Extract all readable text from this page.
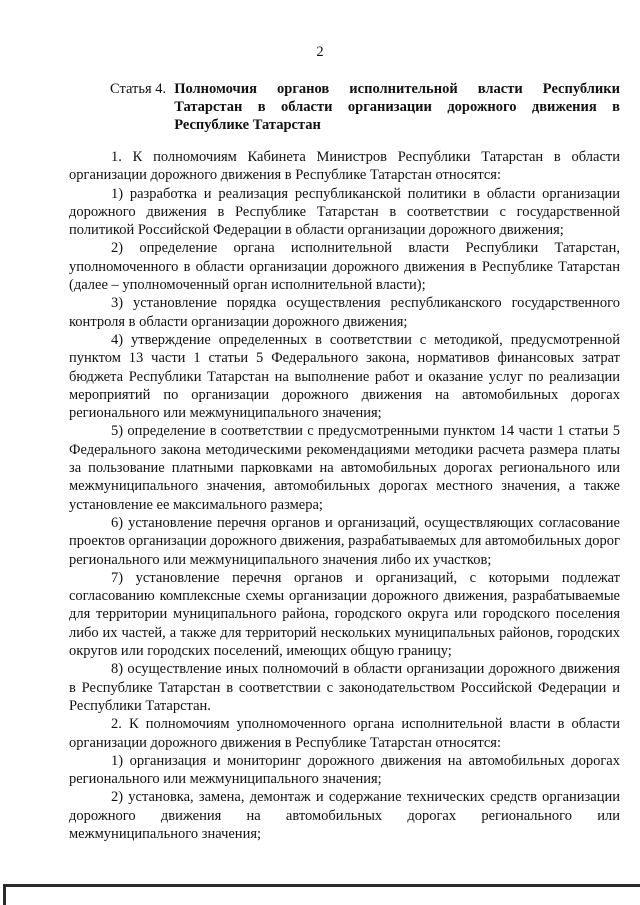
2
Статья 4. Полномочия органов исполнительной власти Республики Татарстан в области организации дорожного движения в Республике Татарстан

1. К полномочиям Кабинета Министров Республики Татарстан в области организации дорожного движения в Республике Татарстан относятся:

1) разработка и реализация республиканской политики в области организации дорожного движения в Республике Татарстан в соответствии с государственной политикой Российской Федерации в области организации дорожного движения;

2) определение органа исполнительной власти Республики Татарстан, уполномоченного в области организации дорожного движения в Республике Татарстан (далее – уполномоченный орган исполнительной власти);

3) установление порядка осуществления республиканского государственного контроля в области организации дорожного движения;

4) утверждение определенных в соответствии с методикой, предусмотренной пунктом 13 части 1 статьи 5 Федерального закона, нормативов финансовых затрат бюджета Республики Татарстан на выполнение работ и оказание услуг по реализации мероприятий по организации дорожного движения на автомобильных дорогах регионального или межмуниципального значения;

5) определение в соответствии с предусмотренными пунктом 14 части 1 статьи 5 Федерального закона методическими рекомендациями методики расчета размера платы за пользование платными парковками на автомобильных дорогах регионального или межмуниципального значения, автомобильных дорогах местного значения, а также установление ее максимального размера;

6) установление перечня органов и организаций, осуществляющих согласование проектов организации дорожного движения, разрабатываемых для автомобильных дорог регионального или межмуниципального значения либо их участков;

7) установление перечня органов и организаций, с которыми подлежат согласованию комплексные схемы организации дорожного движения, разрабатываемые для территории муниципального района, городского округа или городского поселения либо их частей, а также для территорий нескольких муниципальных районов, городских округов или городских поселений, имеющих общую границу;

8) осуществление иных полномочий в области организации дорожного движения в Республике Татарстан в соответствии с законодательством Российской Федерации и Республики Татарстан.

2. К полномочиям уполномоченного органа исполнительной власти в области организации дорожного движения в Республике Татарстан относятся:

1) организация и мониторинг дорожного движения на автомобильных дорогах регионального или межмуниципального значения;

2) установка, замена, демонтаж и содержание технических средств организации дорожного движения на автомобильных дорогах регионального или межмуниципального значения;
